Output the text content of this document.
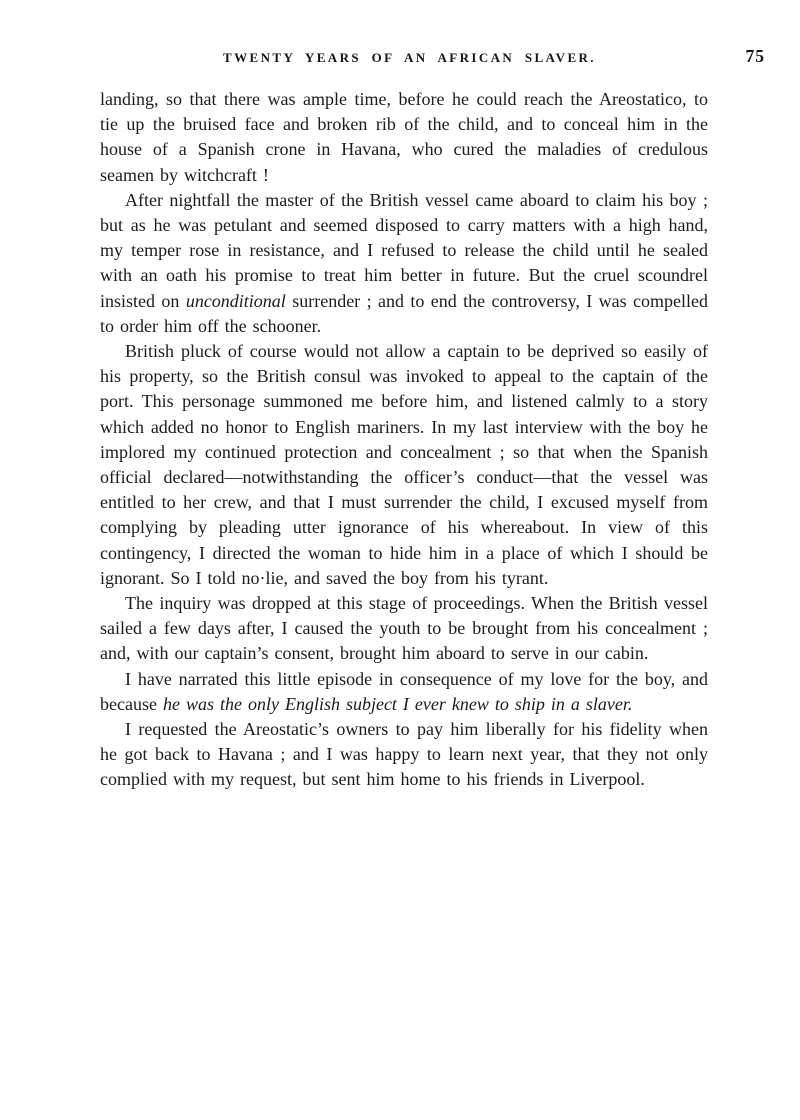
TWENTY YEARS OF AN AFRICAN SLAVER.	75

landing, so that there was ample time, before he could reach the Areostatico, to tie up the bruised face and broken rib of the child, and to conceal him in the house of a Spanish crone in Havana, who cured the maladies of credulous seamen by witchcraft !

After nightfall the master of the British vessel came aboard to claim his boy ; but as he was petulant and seemed disposed to carry matters with a high hand, my temper rose in resistance, and I refused to release the child until he sealed with an oath his promise to treat him better in future. But the cruel scoundrel insisted on unconditional surrender ; and to end the controversy, I was compelled to order him off the schooner.

British pluck of course would not allow a captain to be deprived so easily of his property, so the British consul was invoked to appeal to the captain of the port. This personage summoned me before him, and listened calmly to a story which added no honor to English mariners. In my last interview with the boy he implored my continued protection and concealment ; so that when the Spanish official declared—notwithstanding the officer’s conduct—that the vessel was entitled to her crew, and that I must surrender the child, I excused myself from complying by pleading utter ignorance of his whereabout. In view of this contingency, I directed the woman to hide him in a place of which I should be ignorant. So I told no·lie, and saved the boy from his tyrant.

The inquiry was dropped at this stage of proceedings. When the British vessel sailed a few days after, I caused the youth to be brought from his concealment ; and, with our captain’s consent, brought him aboard to serve in our cabin.

I have narrated this little episode in consequence of my love for the boy, and because he was the only English subject I ever knew to ship in a slaver.

I requested the Areostatic’s owners to pay him liberally for his fidelity when he got back to Havana ; and I was happy to learn next year, that they not only complied with my request, but sent him home to his friends in Liverpool.
